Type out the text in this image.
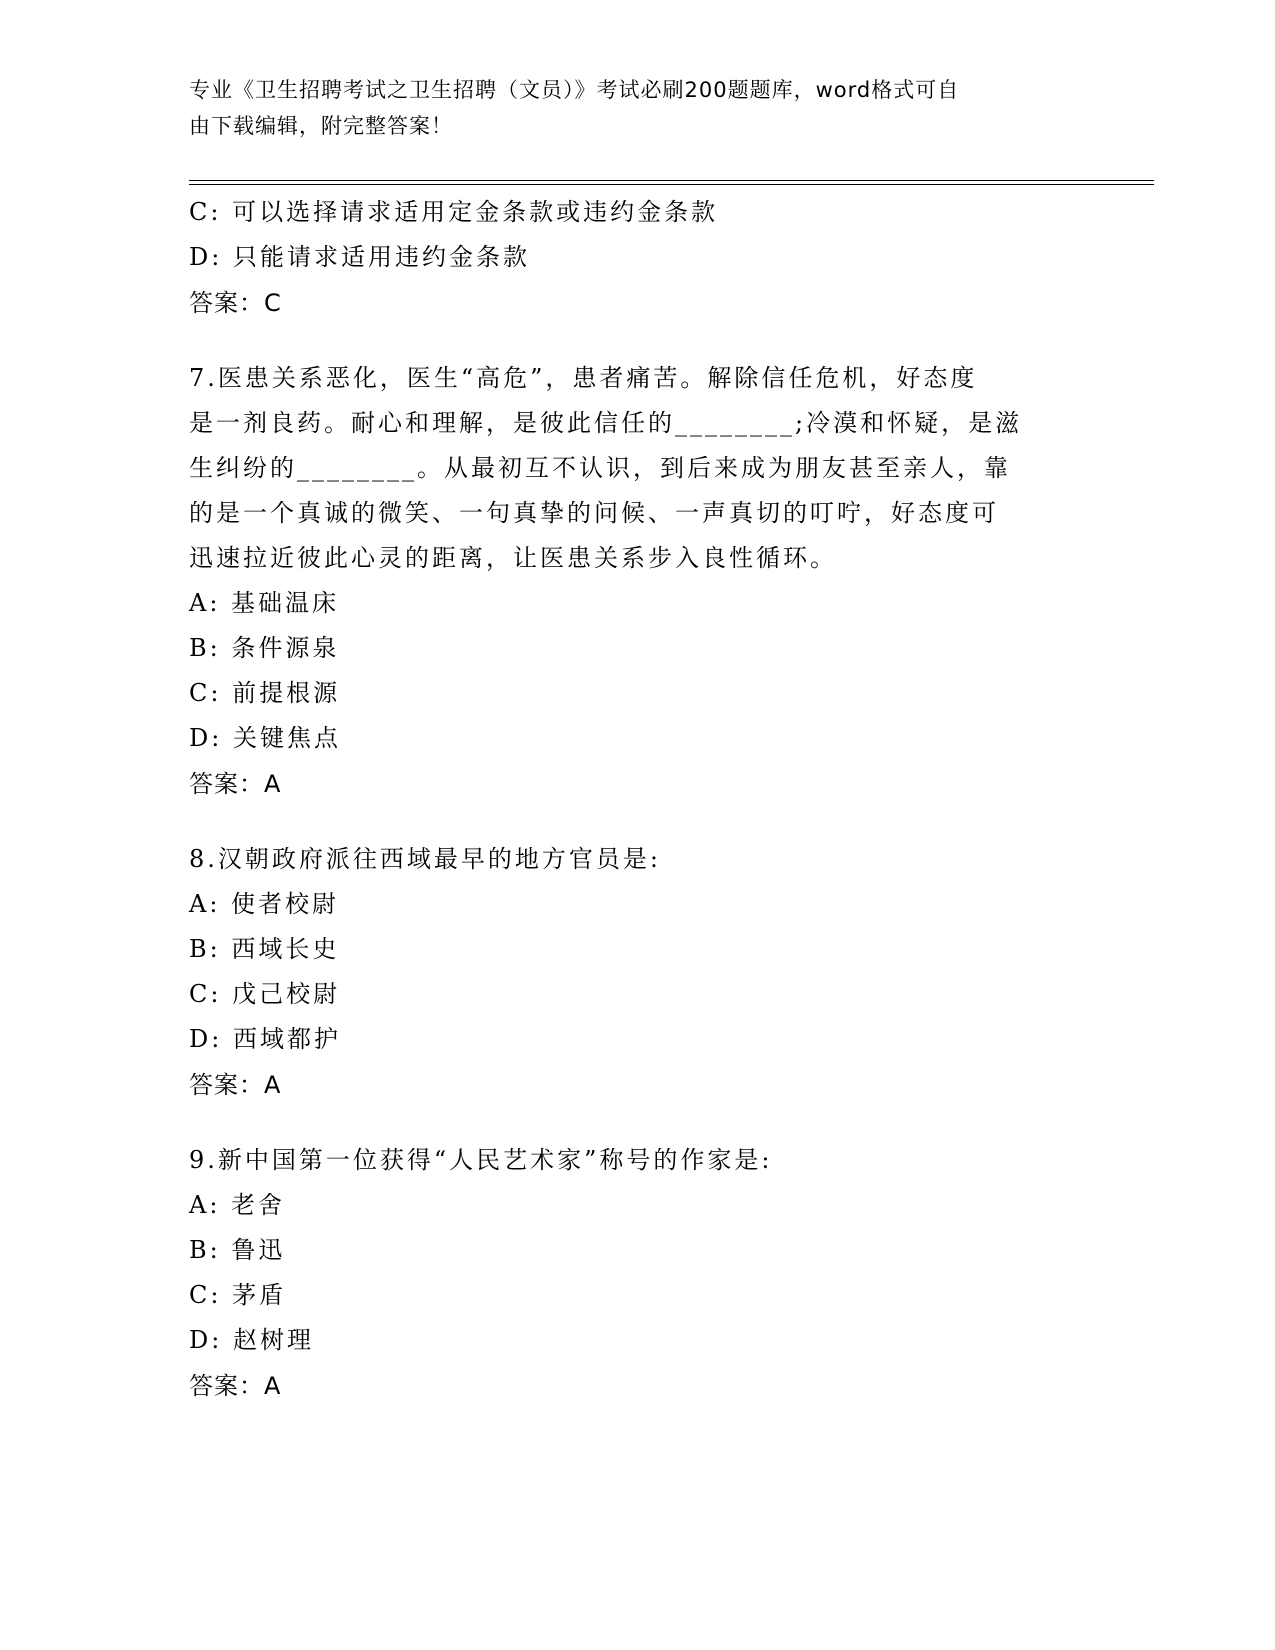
专业《卫生招聘考试之卫生招聘（文员）》考试必刷200题题库，word格式可自
由下载编辑，附完整答案！
C: 可以选择请求适用定金条款或违约金条款
D: 只能请求适用违约金条款
答案：C
7.医患关系恶化，医生“高危”，患者痛苦。解除信任危机，好态度
是一剂良药。耐心和理解，是彼此信任的________;冷漠和怀疑，是滋
生纠纷的________。从最初互不认识，到后来成为朋友甚至亲人，靠
的是一个真诚的微笑、一句真挚的问候、一声真切的叮咛，好态度可
迅速拉近彼此心灵的距离，让医患关系步入良性循环。
A: 基础温床
B: 条件源泉
C: 前提根源
D: 关键焦点
答案：A
8.汉朝政府派往西域最早的地方官员是:
A: 使者校尉
B: 西域长史
C: 戊己校尉
D: 西域都护
答案：A
9.新中国第一位获得“人民艺术家”称号的作家是:
A: 老舍
B: 鲁迅
C: 茅盾
D: 赵树理
答案：A
